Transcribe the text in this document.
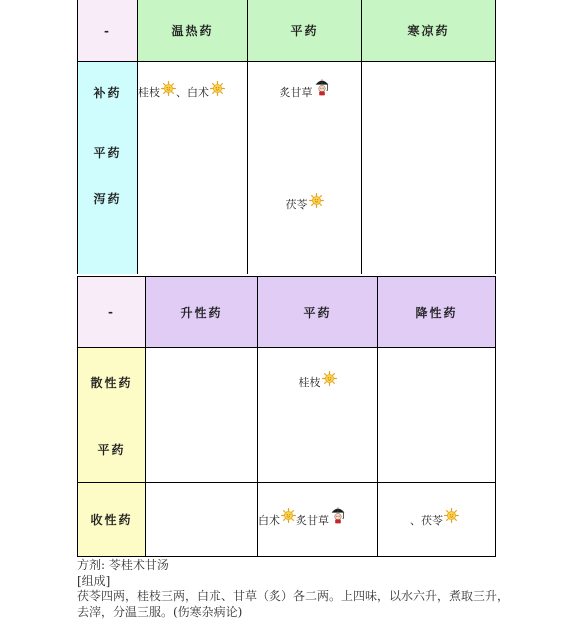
-	温热药	平药	寒凉药
补药	桂枝 、 白术	炙甘草	

平药			
泻药		茯苓	

-	升性药	平药	降性药
散性药		桂枝	

平药			
收性药		白术 炙甘草	、茯苓
方剂: 苓桂术甘汤
[组成]
茯苓四两，桂枝三两，白朮、甘草（炙）各二两。上四味，以水六升，煮取三升，
去滓，分温三服。(伤寒杂病论)
